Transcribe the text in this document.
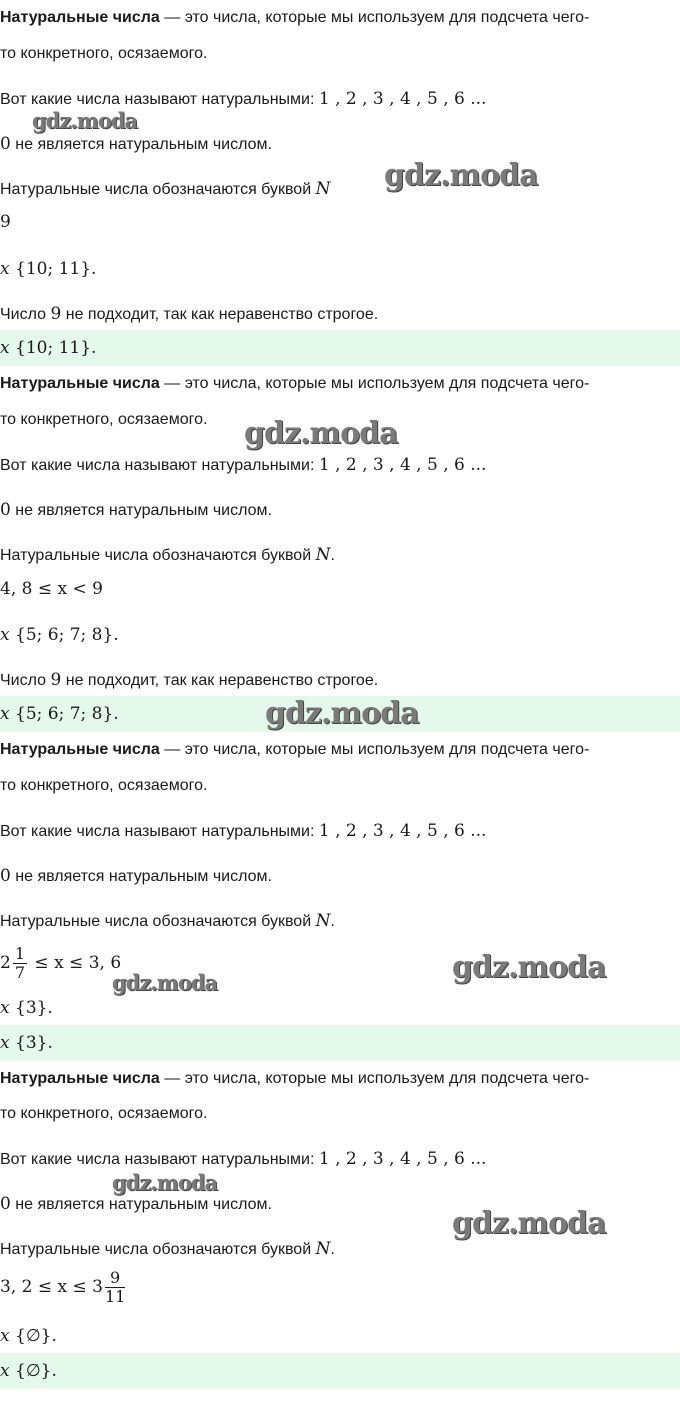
Натуральные числа — это числа, которые мы используем для подсчета чего-
то конкретного, осязаемого.
Вот какие числа называют натуральными: 1 , 2 , 3 , 4 , 5 , 6 ...
0 не является натуральным числом.
Натуральные числа обозначаются буквой N
9
x {10; 11}.
Число 9 не подходит, так как неравенство строгое.
x {10; 11}.
Натуральные числа — это числа, которые мы используем для подсчета чего-
то конкретного, осязаемого.
Вот какие числа называют натуральными: 1 , 2 , 3 , 4 , 5 , 6 ...
0 не является натуральным числом.
Натуральные числа обозначаются буквой N.
4, 8 ≤ x < 9
x {5; 6; 7; 8}.
Число 9 не подходит, так как неравенство строгое.
x {5; 6; 7; 8}.
Натуральные числа — это числа, которые мы используем для подсчета чего-
то конкретного, осязаемого.
Вот какие числа называют натуральными: 1 , 2 , 3 , 4 , 5 , 6 ...
0 не является натуральным числом.
Натуральные числа обозначаются буквой N.
$2 \frac{1}{7} \le x \le 3$, 6
x {3}.
x {3}.
Натуральные числа — это числа, которые мы используем для подсчета чего-
то конкретного, осязаемого.
Вот какие числа называют натуральными: 1 , 2 , 3 , 4 , 5 , 6 ...
0 не является натуральным числом.
Натуральные числа обозначаются буквой N.
3, $2 \le x \le 3 \frac{9}{11}$
x {∅}.
x {∅}.
gdz.moda
gdz.moda
gdz.moda
gdz.moda
gdz.moda
gdz.moda
gdz.moda
gdz.moda
